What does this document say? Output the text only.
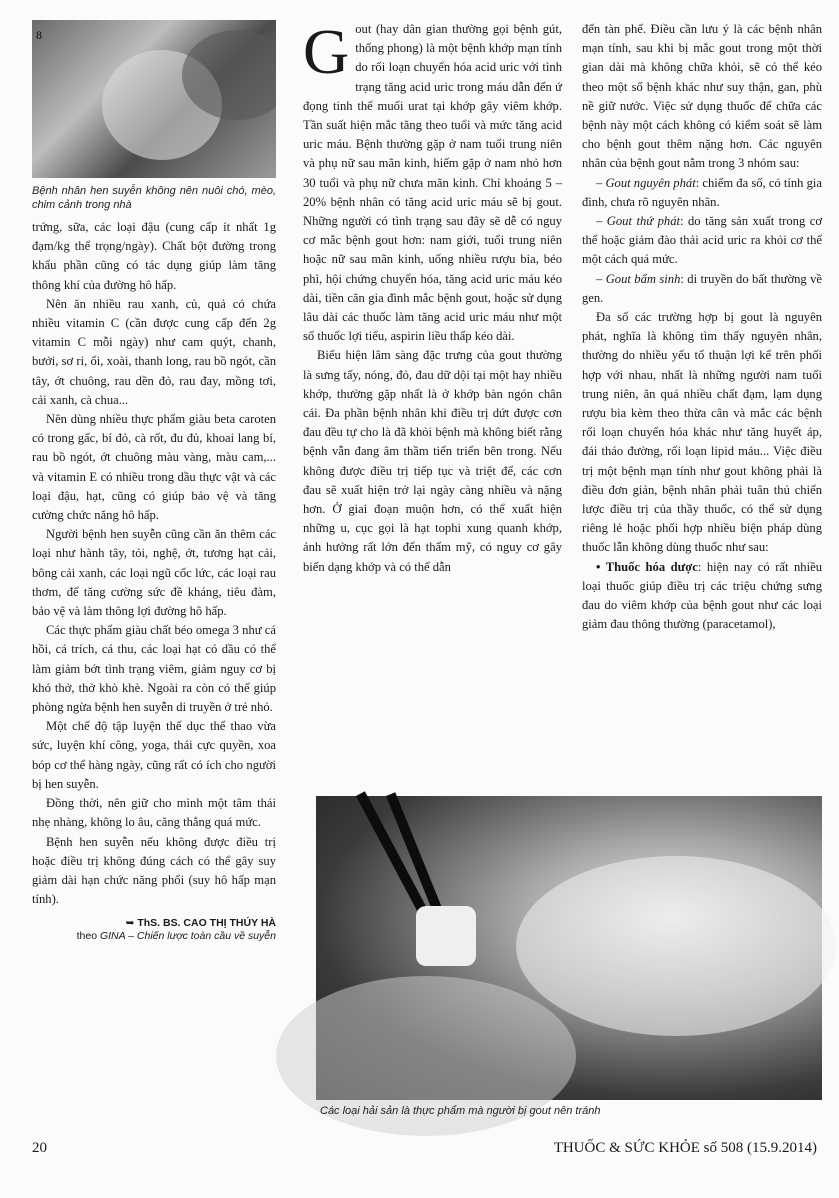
8
Bệnh nhân hen suyễn không nên nuôi chó, mèo, chim cảnh trong nhà

trứng, sữa, các loại đậu (cung cấp ít nhất 1g đạm/kg thể trọng/ngày). Chất bột đường trong khẩu phần cũng có tác dụng giúp làm tăng thông khí của đường hô hấp.

Nên ăn nhiều rau xanh, củ, quả có chứa nhiều vitamin C (cần được cung cấp đến 2g vitamin C mỗi ngày) như cam quýt, chanh, bưởi, sơ ri, ổi, xoài, thanh long, rau bồ ngót, cần tây, ớt chuông, rau dền đỏ, rau đay, mồng tơi, cải xanh, cà chua...

Nên dùng nhiều thực phẩm giàu beta caroten có trong gấc, bí đỏ, cà rốt, đu đủ, khoai lang bí, rau bồ ngót, ớt chuông màu vàng, màu cam,... và vitamin E có nhiều trong dầu thực vật và các loại đậu, hạt, cũng có giúp bảo vệ và tăng cường chức năng hô hấp.

Người bệnh hen suyễn cũng cần ăn thêm các loại như hành tây, tỏi, nghệ, ớt, tương hạt cải, bông cải xanh, các loại ngũ cốc lức, các loại rau thơm, để tăng cường sức đề kháng, tiêu đàm, bảo vệ và làm thông lợi đường hô hấp.

Các thực phẩm giàu chất béo omega 3 như cá hồi, cá trích, cá thu, các loại hạt có dầu có thể làm giảm bớt tình trạng viêm, giảm nguy cơ bị khó thở, thở khò khè. Ngoài ra còn có thể giúp phòng ngừa bệnh hen suyễn di truyền ở trẻ nhỏ.

Một chế độ tập luyện thể dục thể thao vừa sức, luyện khí công, yoga, thái cực quyền, xoa bóp cơ thể hàng ngày, cũng rất có ích cho người bị hen suyễn.

Đồng thời, nên giữ cho mình một tâm thái nhẹ nhàng, không lo âu, căng thẳng quá mức.

Bệnh hen suyễn nếu không được điều trị hoặc điều trị không đúng cách có thể gây suy giảm dài hạn chức năng phổi (suy hô hấp mạn tính).

➥ ThS. BS. CAO THỊ THÚY HÀ
theo GINA – Chiến lược toàn cầu về suyễn

Gout (hay dân gian thường gọi bệnh gút, thống phong) là một bệnh khớp mạn tính do rối loạn chuyển hóa acid uric với tình trạng tăng acid uric trong máu dẫn đến ứ đọng tinh thể muối urat tại khớp gây viêm khớp. Tần suất hiện mắc tăng theo tuổi và mức tăng acid uric máu. Bệnh thường gặp ở nam tuổi trung niên và phụ nữ sau mãn kinh, hiếm gặp ở nam nhỏ hơn 30 tuổi và phụ nữ chưa mãn kinh. Chỉ khoảng 5 – 20% bệnh nhân có tăng acid uric máu sẽ bị gout. Những người có tình trạng sau đây sẽ dễ có nguy cơ mắc bệnh gout hơn: nam giới, tuổi trung niên hoặc nữ sau mãn kinh, uống nhiều rượu bia, béo phì, hội chứng chuyển hóa, tăng acid uric máu kéo dài, tiền căn gia đình mắc bệnh gout, hoặc sử dụng lâu dài các thuốc làm tăng acid uric máu như một số thuốc lợi tiểu, aspirin liều thấp kéo dài.

Biểu hiện lâm sàng đặc trưng của gout thường là sưng tấy, nóng, đỏ, đau dữ dội tại một hay nhiều khớp, thường gặp nhất là ở khớp bàn ngón chân cái. Đa phần bệnh nhân khi điều trị dứt được cơn đau đều tự cho là đã khỏi bệnh mà không biết rằng bệnh vẫn đang âm thầm tiến triển bên trong. Nếu không được điều trị tiếp tục và triệt để, các cơn đau sẽ xuất hiện trở lại ngày càng nhiều và nặng hơn. Ở giai đoạn muộn hơn, có thể xuất hiện những u, cục gọi là hạt tophi xung quanh khớp, ảnh hưởng rất lớn đến thẩm mỹ, có nguy cơ gây biến dạng khớp và có thể dẫn

đến tàn phế. Điều cần lưu ý là các bệnh nhân mạn tính, sau khi bị mắc gout trong một thời gian dài mà không chữa khỏi, sẽ có thể kéo theo một số bệnh khác như suy thận, gan, phù nề giữ nước. Việc sử dụng thuốc để chữa các bệnh này một cách không có kiểm soát sẽ làm cho bệnh gout thêm nặng hơn. Các nguyên nhân của bệnh gout nằm trong 3 nhóm sau:

– Gout nguyên phát: chiếm đa số, có tính gia đình, chưa rõ nguyên nhân.

– Gout thứ phát: do tăng sản xuất trong cơ thể hoặc giảm đào thải acid uric ra khỏi cơ thể một cách quá mức.

– Gout bẩm sinh: di truyền do bất thường về gen.

Đa số các trường hợp bị gout là nguyên phát, nghĩa là không tìm thấy nguyên nhân, thường do nhiều yếu tố thuận lợi kể trên phối hợp với nhau, nhất là những người nam tuổi trung niên, ăn quá nhiều chất đạm, lạm dụng rượu bia kèm theo thừa cân và mắc các bệnh rối loạn chuyển hóa khác như tăng huyết áp, đái tháo đường, rối loạn lipid máu... Việc điều trị một bệnh mạn tính như gout không phải là điều đơn giản, bệnh nhân phải tuân thủ chiến lược điều trị của thầy thuốc, có thể sử dụng riêng lẻ hoặc phối hợp nhiều biện pháp dùng thuốc lẫn không dùng thuốc như sau:

• Thuốc hóa dược: hiện nay có rất nhiều loại thuốc giúp điều trị các triệu chứng sưng đau do viêm khớp của bệnh gout như các loại giảm đau thông thường (paracetamol),

Các loại hải sản là thực phẩm mà người bị gout nên tránh
20	THUỐC & SỨC KHỎE số 508 (15.9.2014)
